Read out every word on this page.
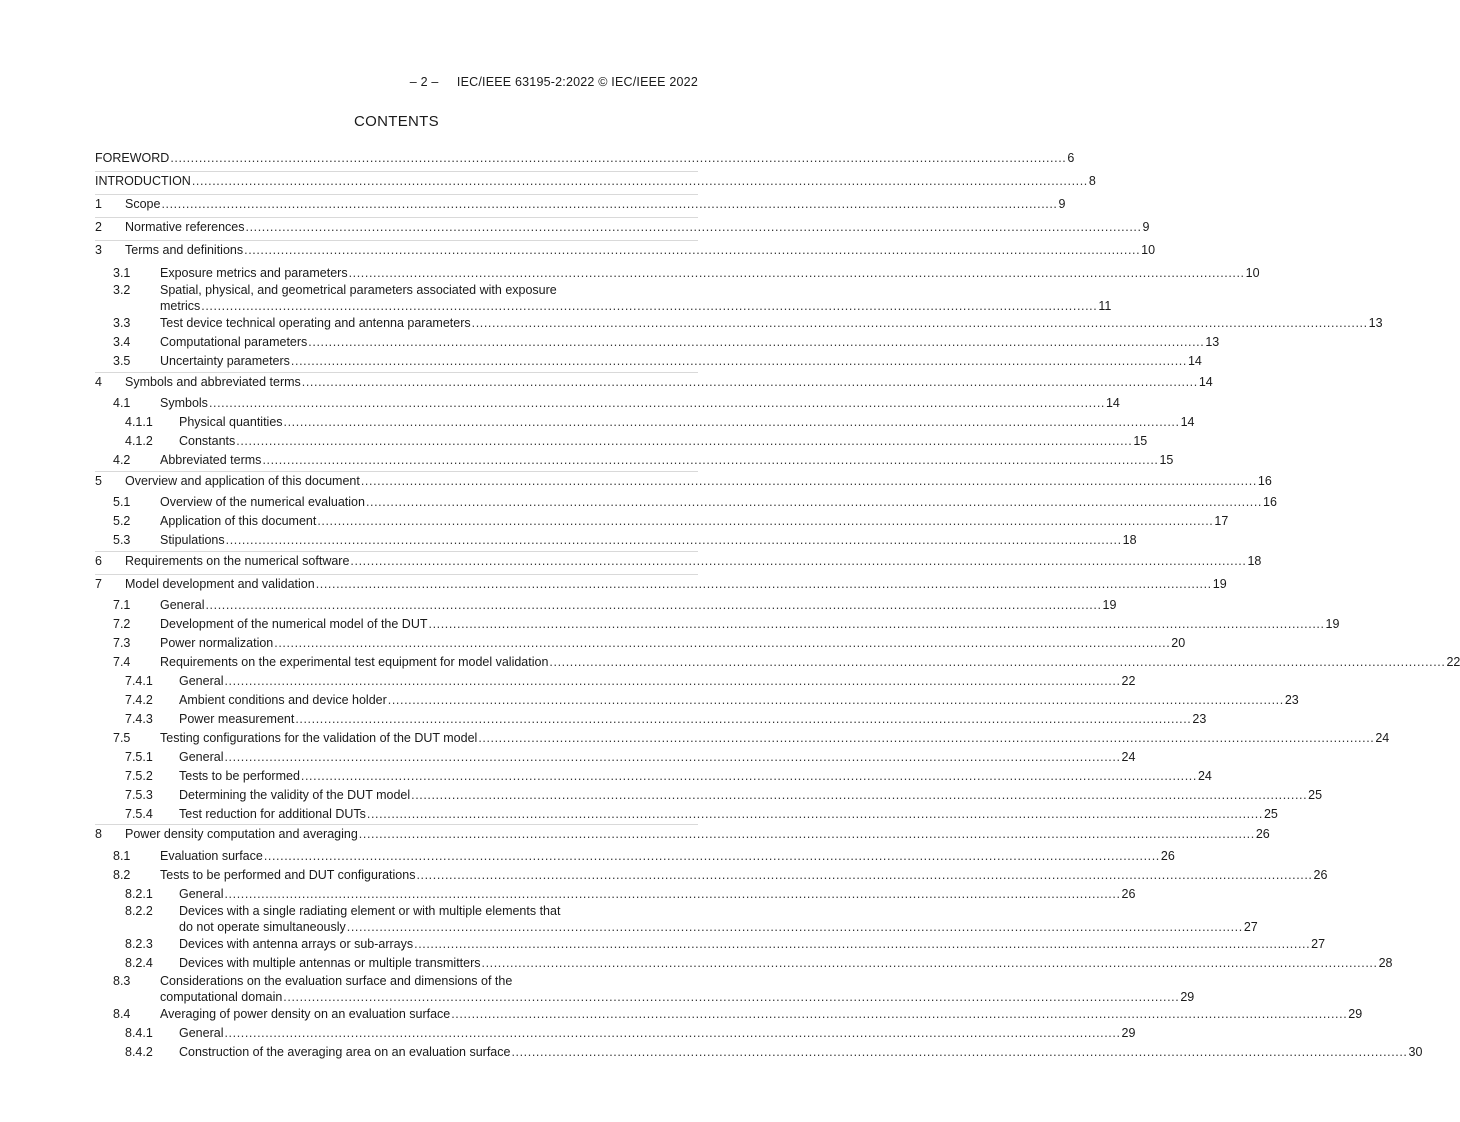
– 2 –     IEC/IEEE 63195-2:2022 © IEC/IEEE 2022
CONTENTS
FOREWORD ............................................................................................................................................................................................................................ 6
INTRODUCTION ............................................................................................................................................................................................................................ 8
1	Scope ............................................................................................................................................................................................................................ 9
2	Normative references ............................................................................................................................................................................................................................ 9
3	Terms and definitions ............................................................................................................................................................................................................................ 10
3.1	Exposure metrics and parameters ............................................................................................................................................................................................................................ 10
3.2	Spatial, physical, and geometrical parameters associated with exposure
metrics ............................................................................................................................................................................................................................ 11
3.3	Test device technical operating and antenna parameters ............................................................................................................................................................................................................................ 13
3.4	Computational parameters ............................................................................................................................................................................................................................ 13
3.5	Uncertainty parameters ............................................................................................................................................................................................................................ 14
4	Symbols and abbreviated terms ............................................................................................................................................................................................................................ 14
4.1	Symbols ............................................................................................................................................................................................................................ 14
4.1.1	Physical quantities ............................................................................................................................................................................................................................ 14
4.1.2	Constants ............................................................................................................................................................................................................................ 15
4.2	Abbreviated terms ............................................................................................................................................................................................................................ 15
5	Overview and application of this document ............................................................................................................................................................................................................................ 16
5.1	Overview of the numerical evaluation ............................................................................................................................................................................................................................ 16
5.2	Application of this document ............................................................................................................................................................................................................................ 17
5.3	Stipulations ............................................................................................................................................................................................................................ 18
6	Requirements on the numerical software ............................................................................................................................................................................................................................ 18
7	Model development and validation ............................................................................................................................................................................................................................ 19
7.1	General ............................................................................................................................................................................................................................ 19
7.2	Development of the numerical model of the DUT ............................................................................................................................................................................................................................ 19
7.3	Power normalization ............................................................................................................................................................................................................................ 20
7.4	Requirements on the experimental test equipment for model validation ............................................................................................................................................................................................................................ 22
7.4.1	General ............................................................................................................................................................................................................................ 22
7.4.2	Ambient conditions and device holder ............................................................................................................................................................................................................................ 23
7.4.3	Power measurement ............................................................................................................................................................................................................................ 23
7.5	Testing configurations for the validation of the DUT model ............................................................................................................................................................................................................................ 24
7.5.1	General ............................................................................................................................................................................................................................ 24
7.5.2	Tests to be performed ............................................................................................................................................................................................................................ 24
7.5.3	Determining the validity of the DUT model ............................................................................................................................................................................................................................ 25
7.5.4	Test reduction for additional DUTs ............................................................................................................................................................................................................................ 25
8	Power density computation and averaging ............................................................................................................................................................................................................................ 26
8.1	Evaluation surface ............................................................................................................................................................................................................................ 26
8.2	Tests to be performed and DUT configurations ............................................................................................................................................................................................................................ 26
8.2.1	General ............................................................................................................................................................................................................................ 26
8.2.2	Devices with a single radiating element or with multiple elements that
do not operate simultaneously ............................................................................................................................................................................................................................ 27
8.2.3	Devices with antenna arrays or sub-arrays ............................................................................................................................................................................................................................ 27
8.2.4	Devices with multiple antennas or multiple transmitters ............................................................................................................................................................................................................................ 28
8.3	Considerations on the evaluation surface and dimensions of the
computational domain ............................................................................................................................................................................................................................ 29
8.4	Averaging of power density on an evaluation surface ............................................................................................................................................................................................................................ 29
8.4.1	General ............................................................................................................................................................................................................................ 29
8.4.2	Construction of the averaging area on an evaluation surface ............................................................................................................................................................................................................................ 30
